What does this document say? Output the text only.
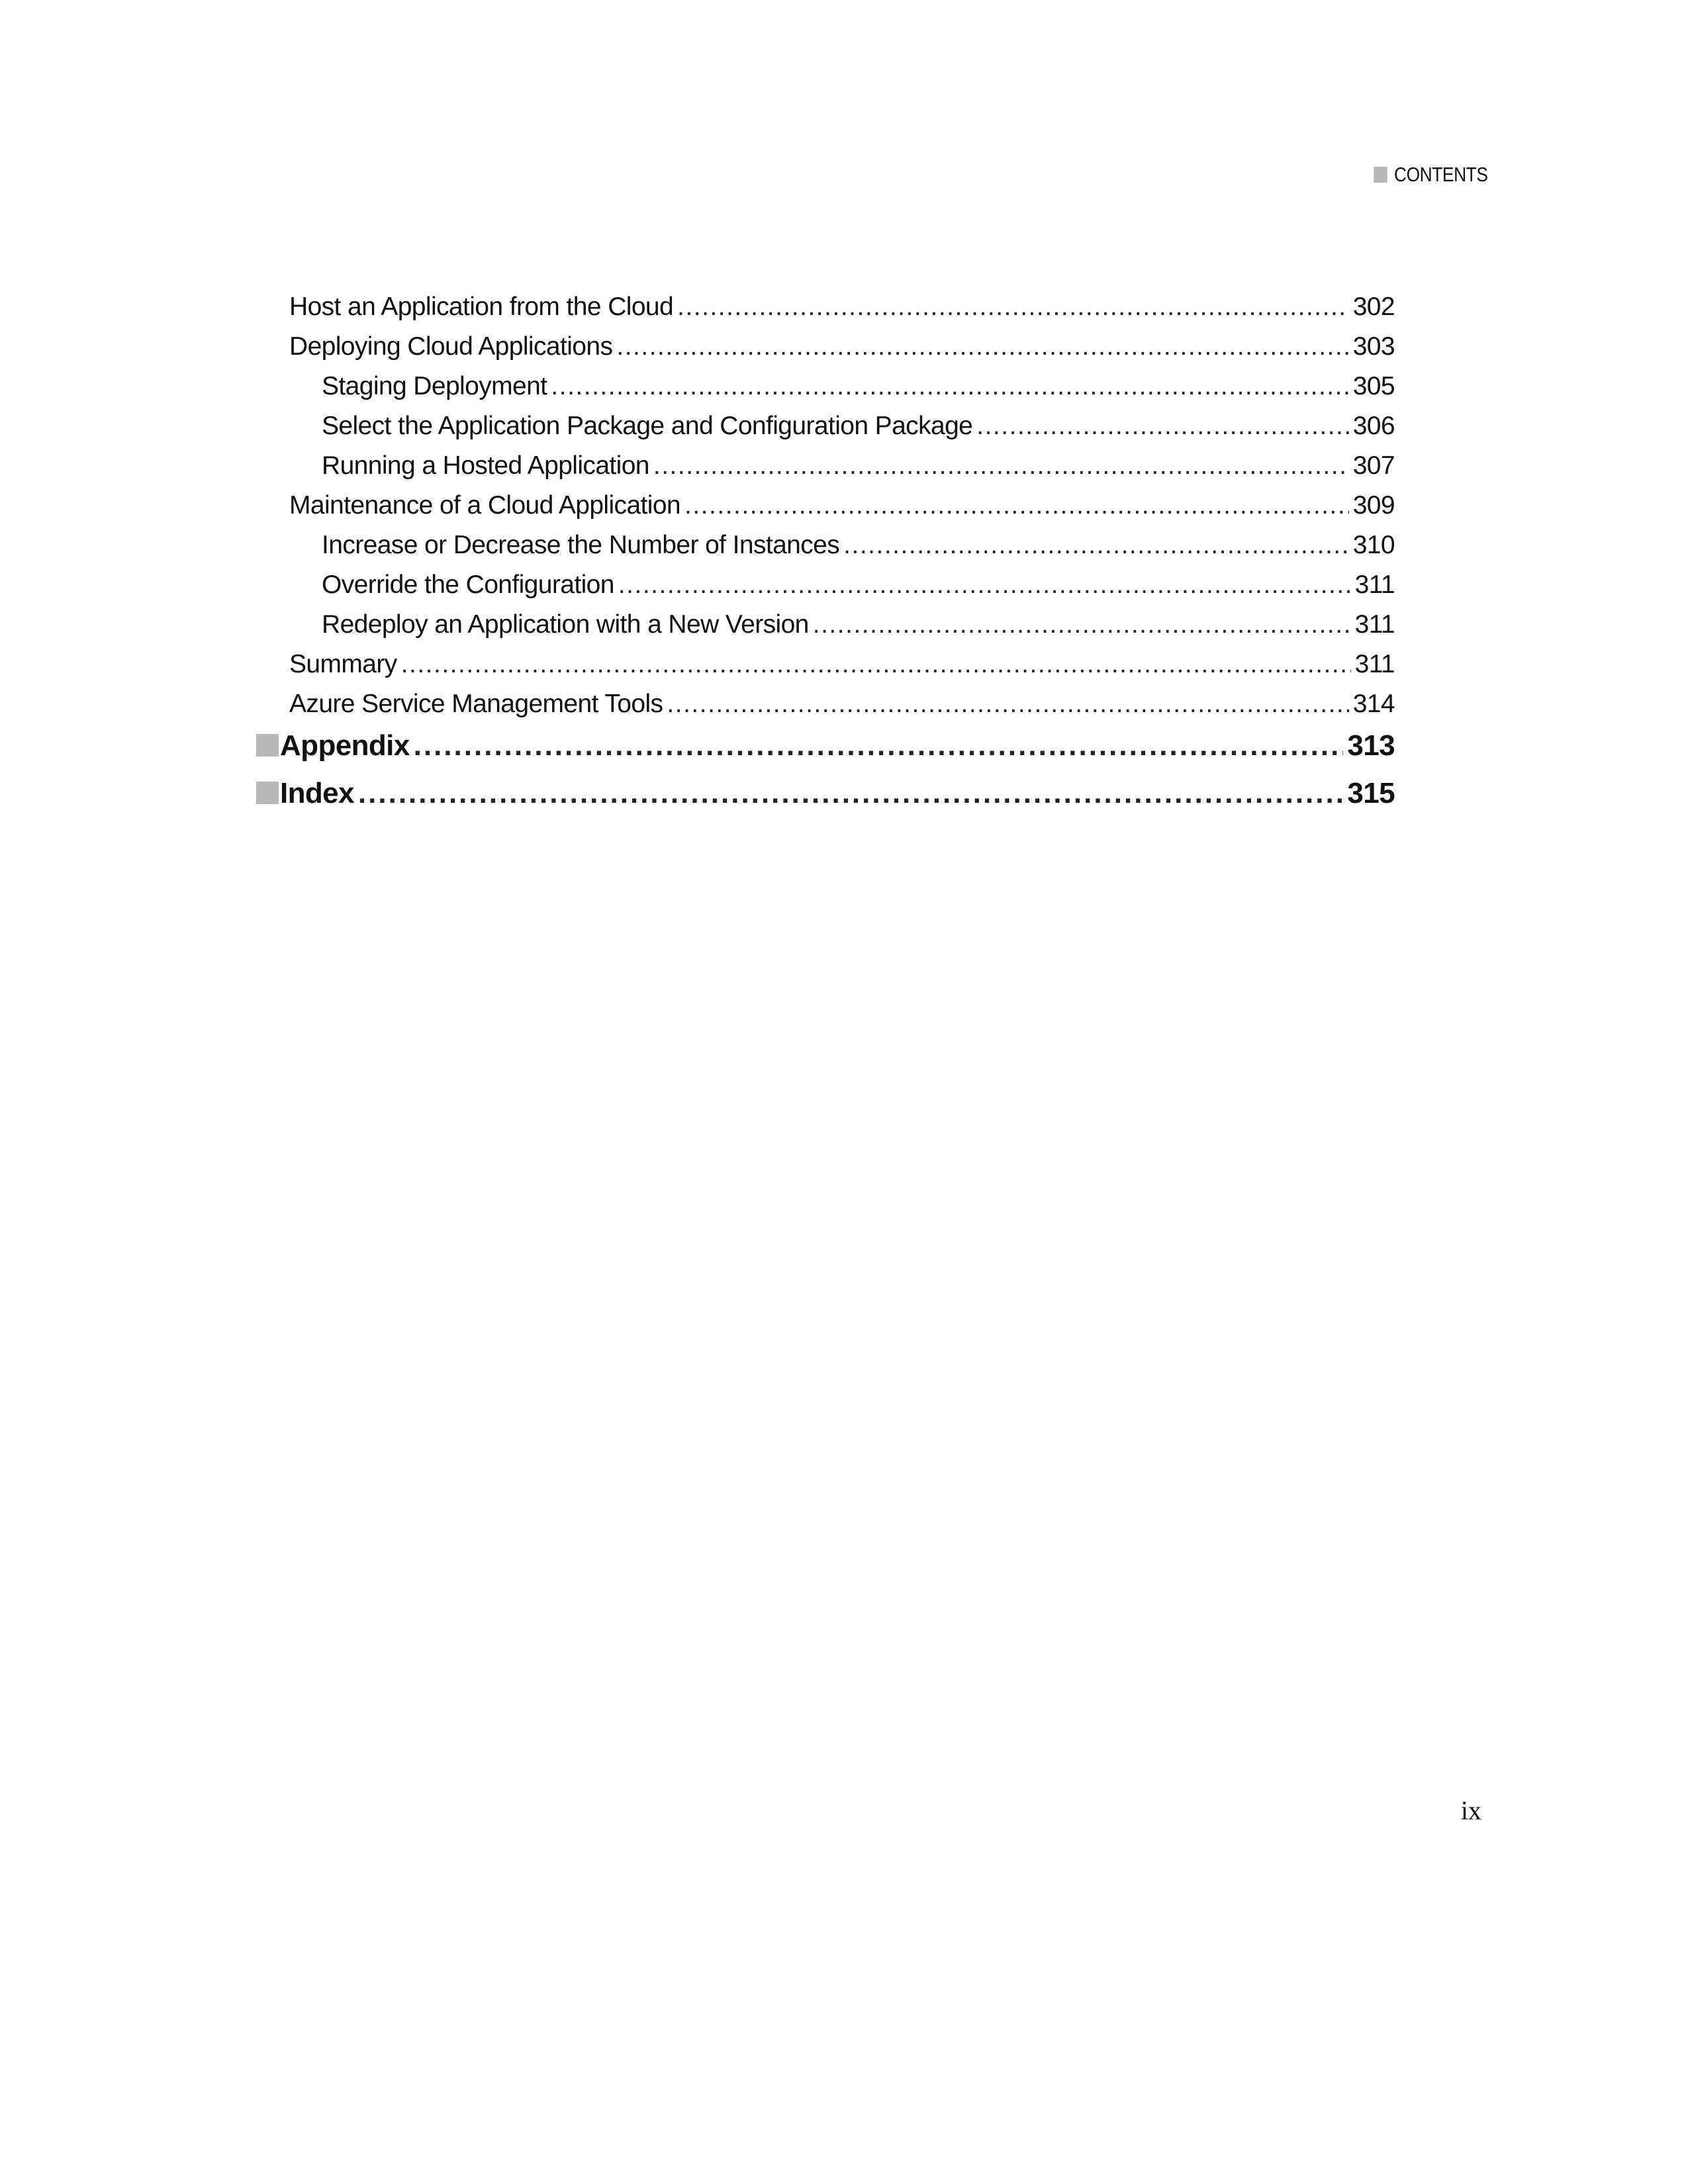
CONTENTS
Host an Application from the Cloud .....	302
Deploying Cloud Applications .....	303
Staging Deployment .....	305
Select the Application Package and Configuration Package .....	306
Running a Hosted Application .....	307
Maintenance of a Cloud Application .....	309
Increase or Decrease the Number of Instances .....	310
Override the Configuration .....	311
Redeploy an Application with a New Version .....	311
Summary .....	311
Azure Service Management Tools .....	314
Appendix .....	313
Index .....	315
ix
